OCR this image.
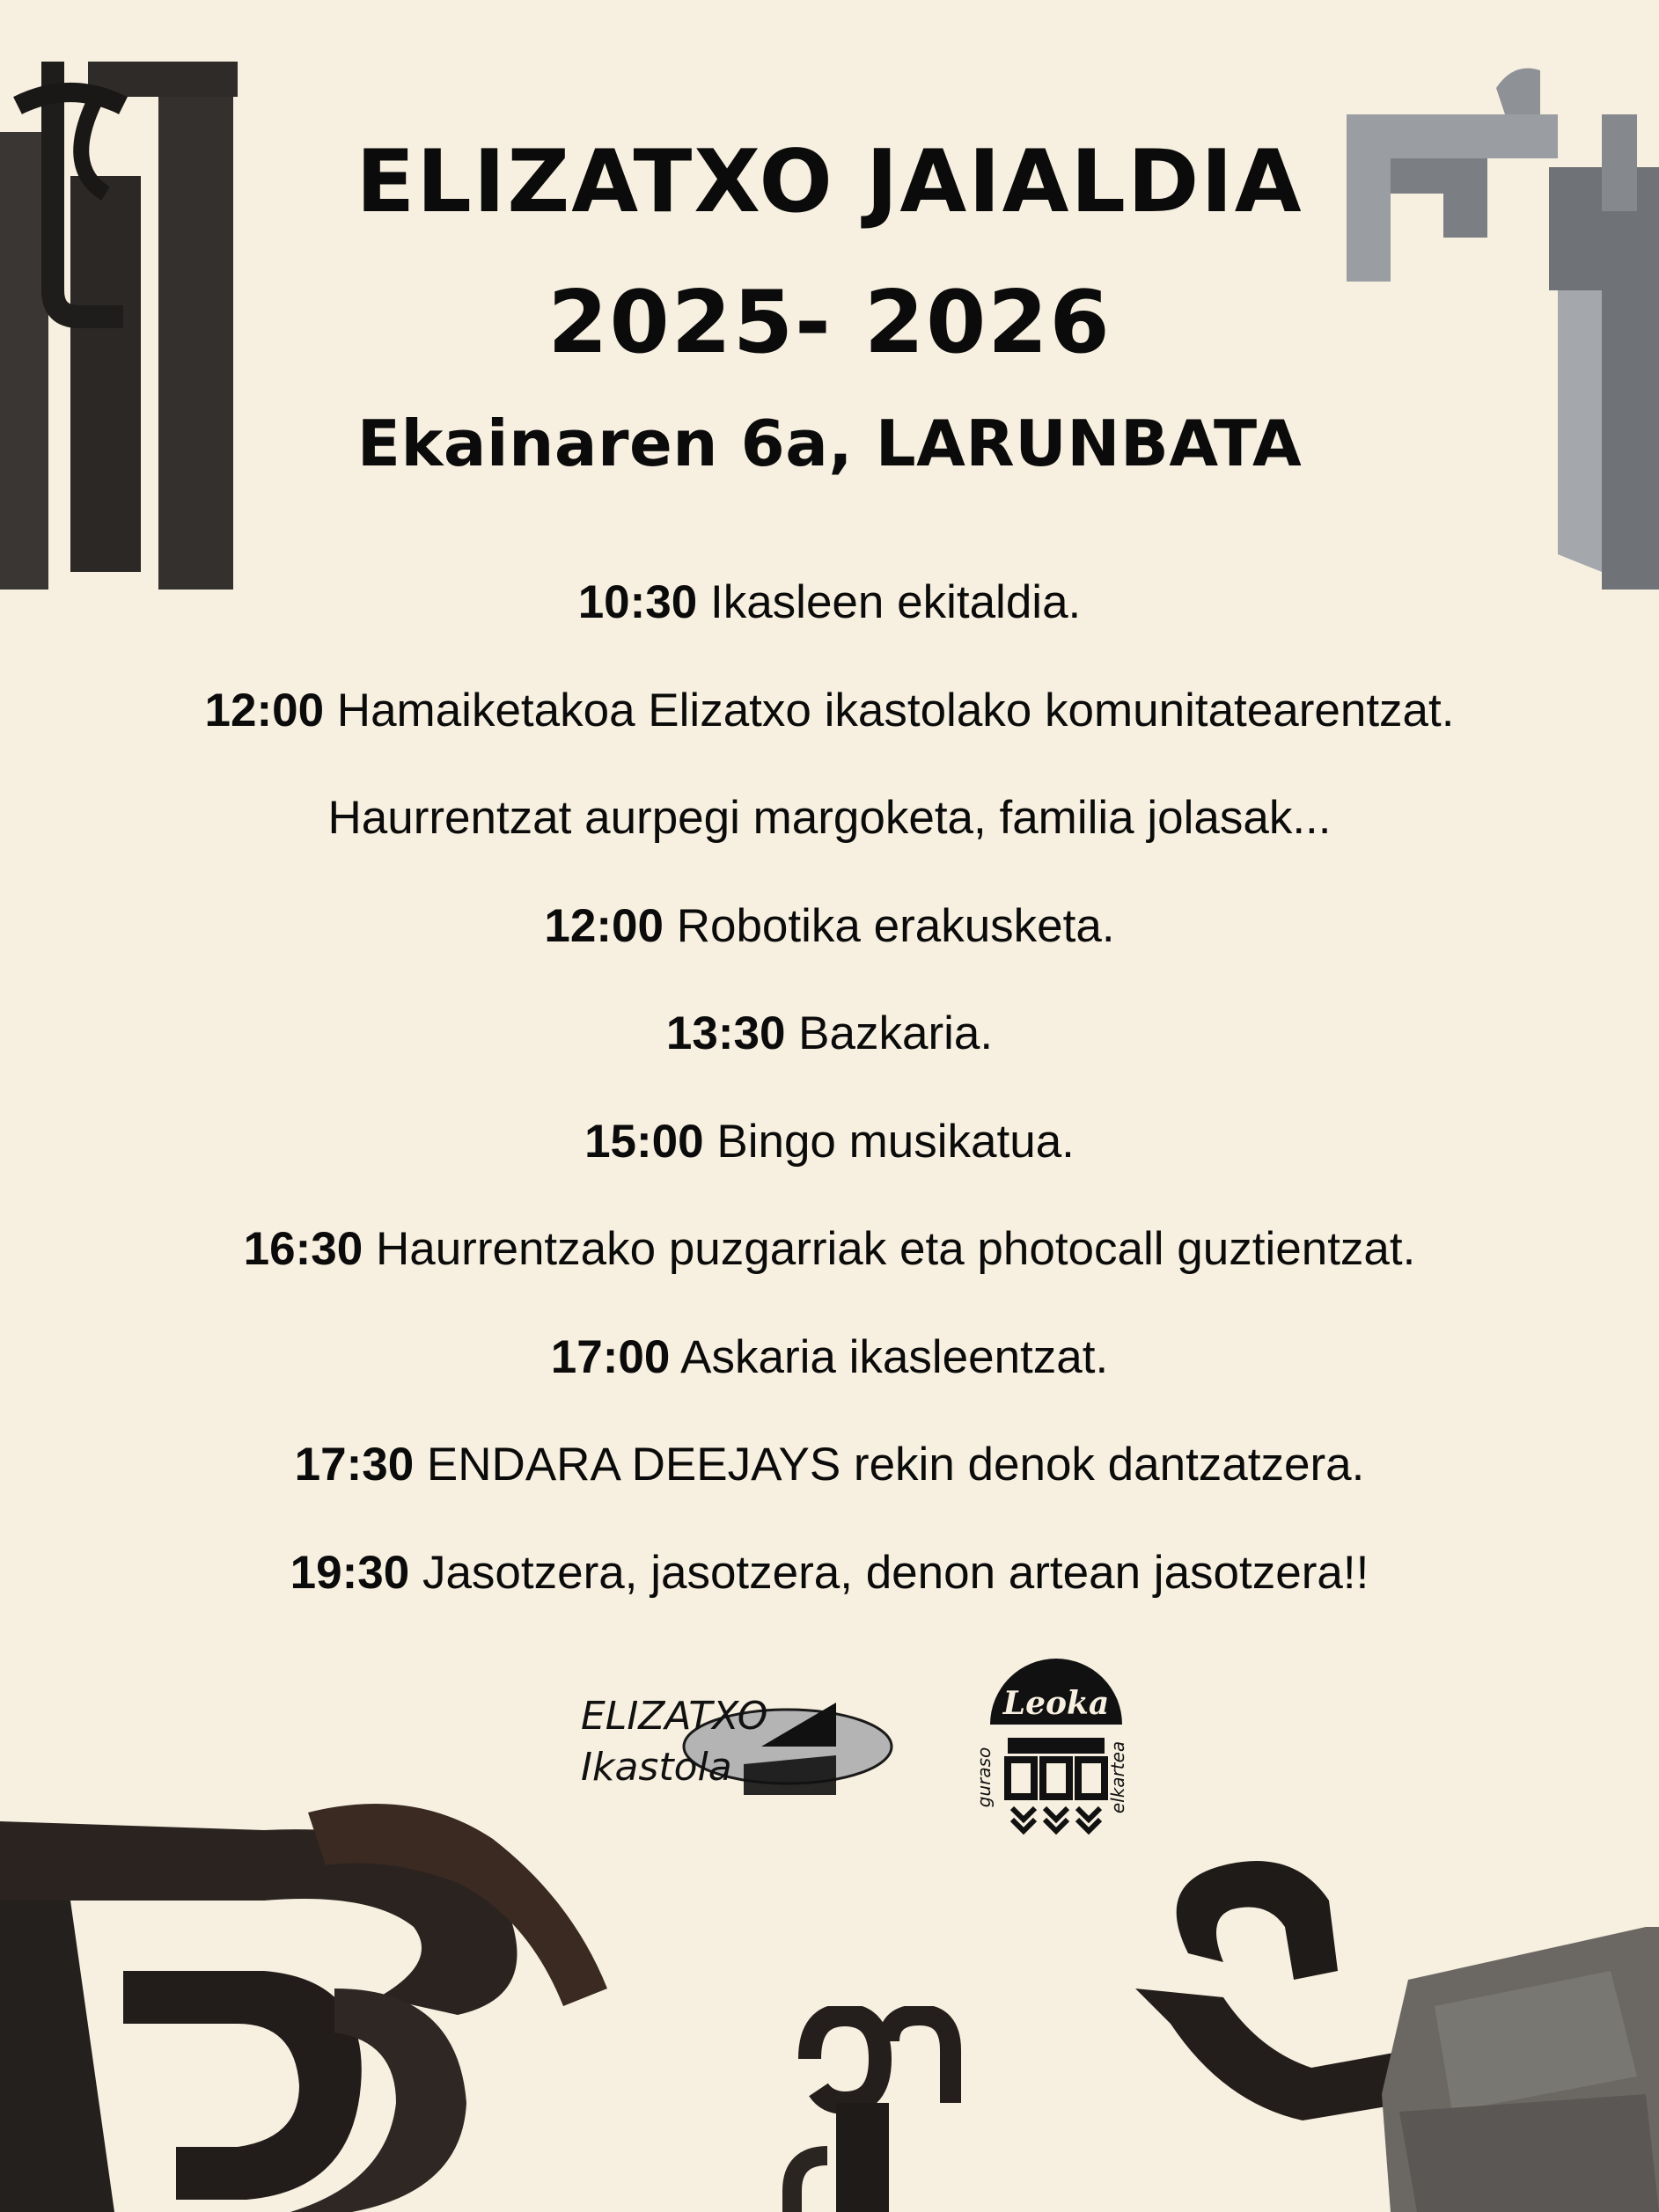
ELIZATXO JAIALDIA
2025- 2026
Ekainaren 6a, LARUNBATA
10:30 Ikasleen ekitaldia.
12:00 Hamaiketakoa Elizatxo ikastolako komunitatearentzat.
Haurrentzat aurpegi margoketa, familia jolasak...
12:00 Robotika erakusketa.
13:30 Bazkaria.
15:00 Bingo musikatua.
16:30 Haurrentzako puzgarriak eta photocall guztientzat.
17:00 Askaria ikasleentzat.
17:30 ENDARA DEEJAYS rekin denok dantzatzera.
19:30 Jasotzera, jasotzera, denon artean jasotzera!!
ELIZATXO
Ikastola
Leoka
guraso	elkartea
